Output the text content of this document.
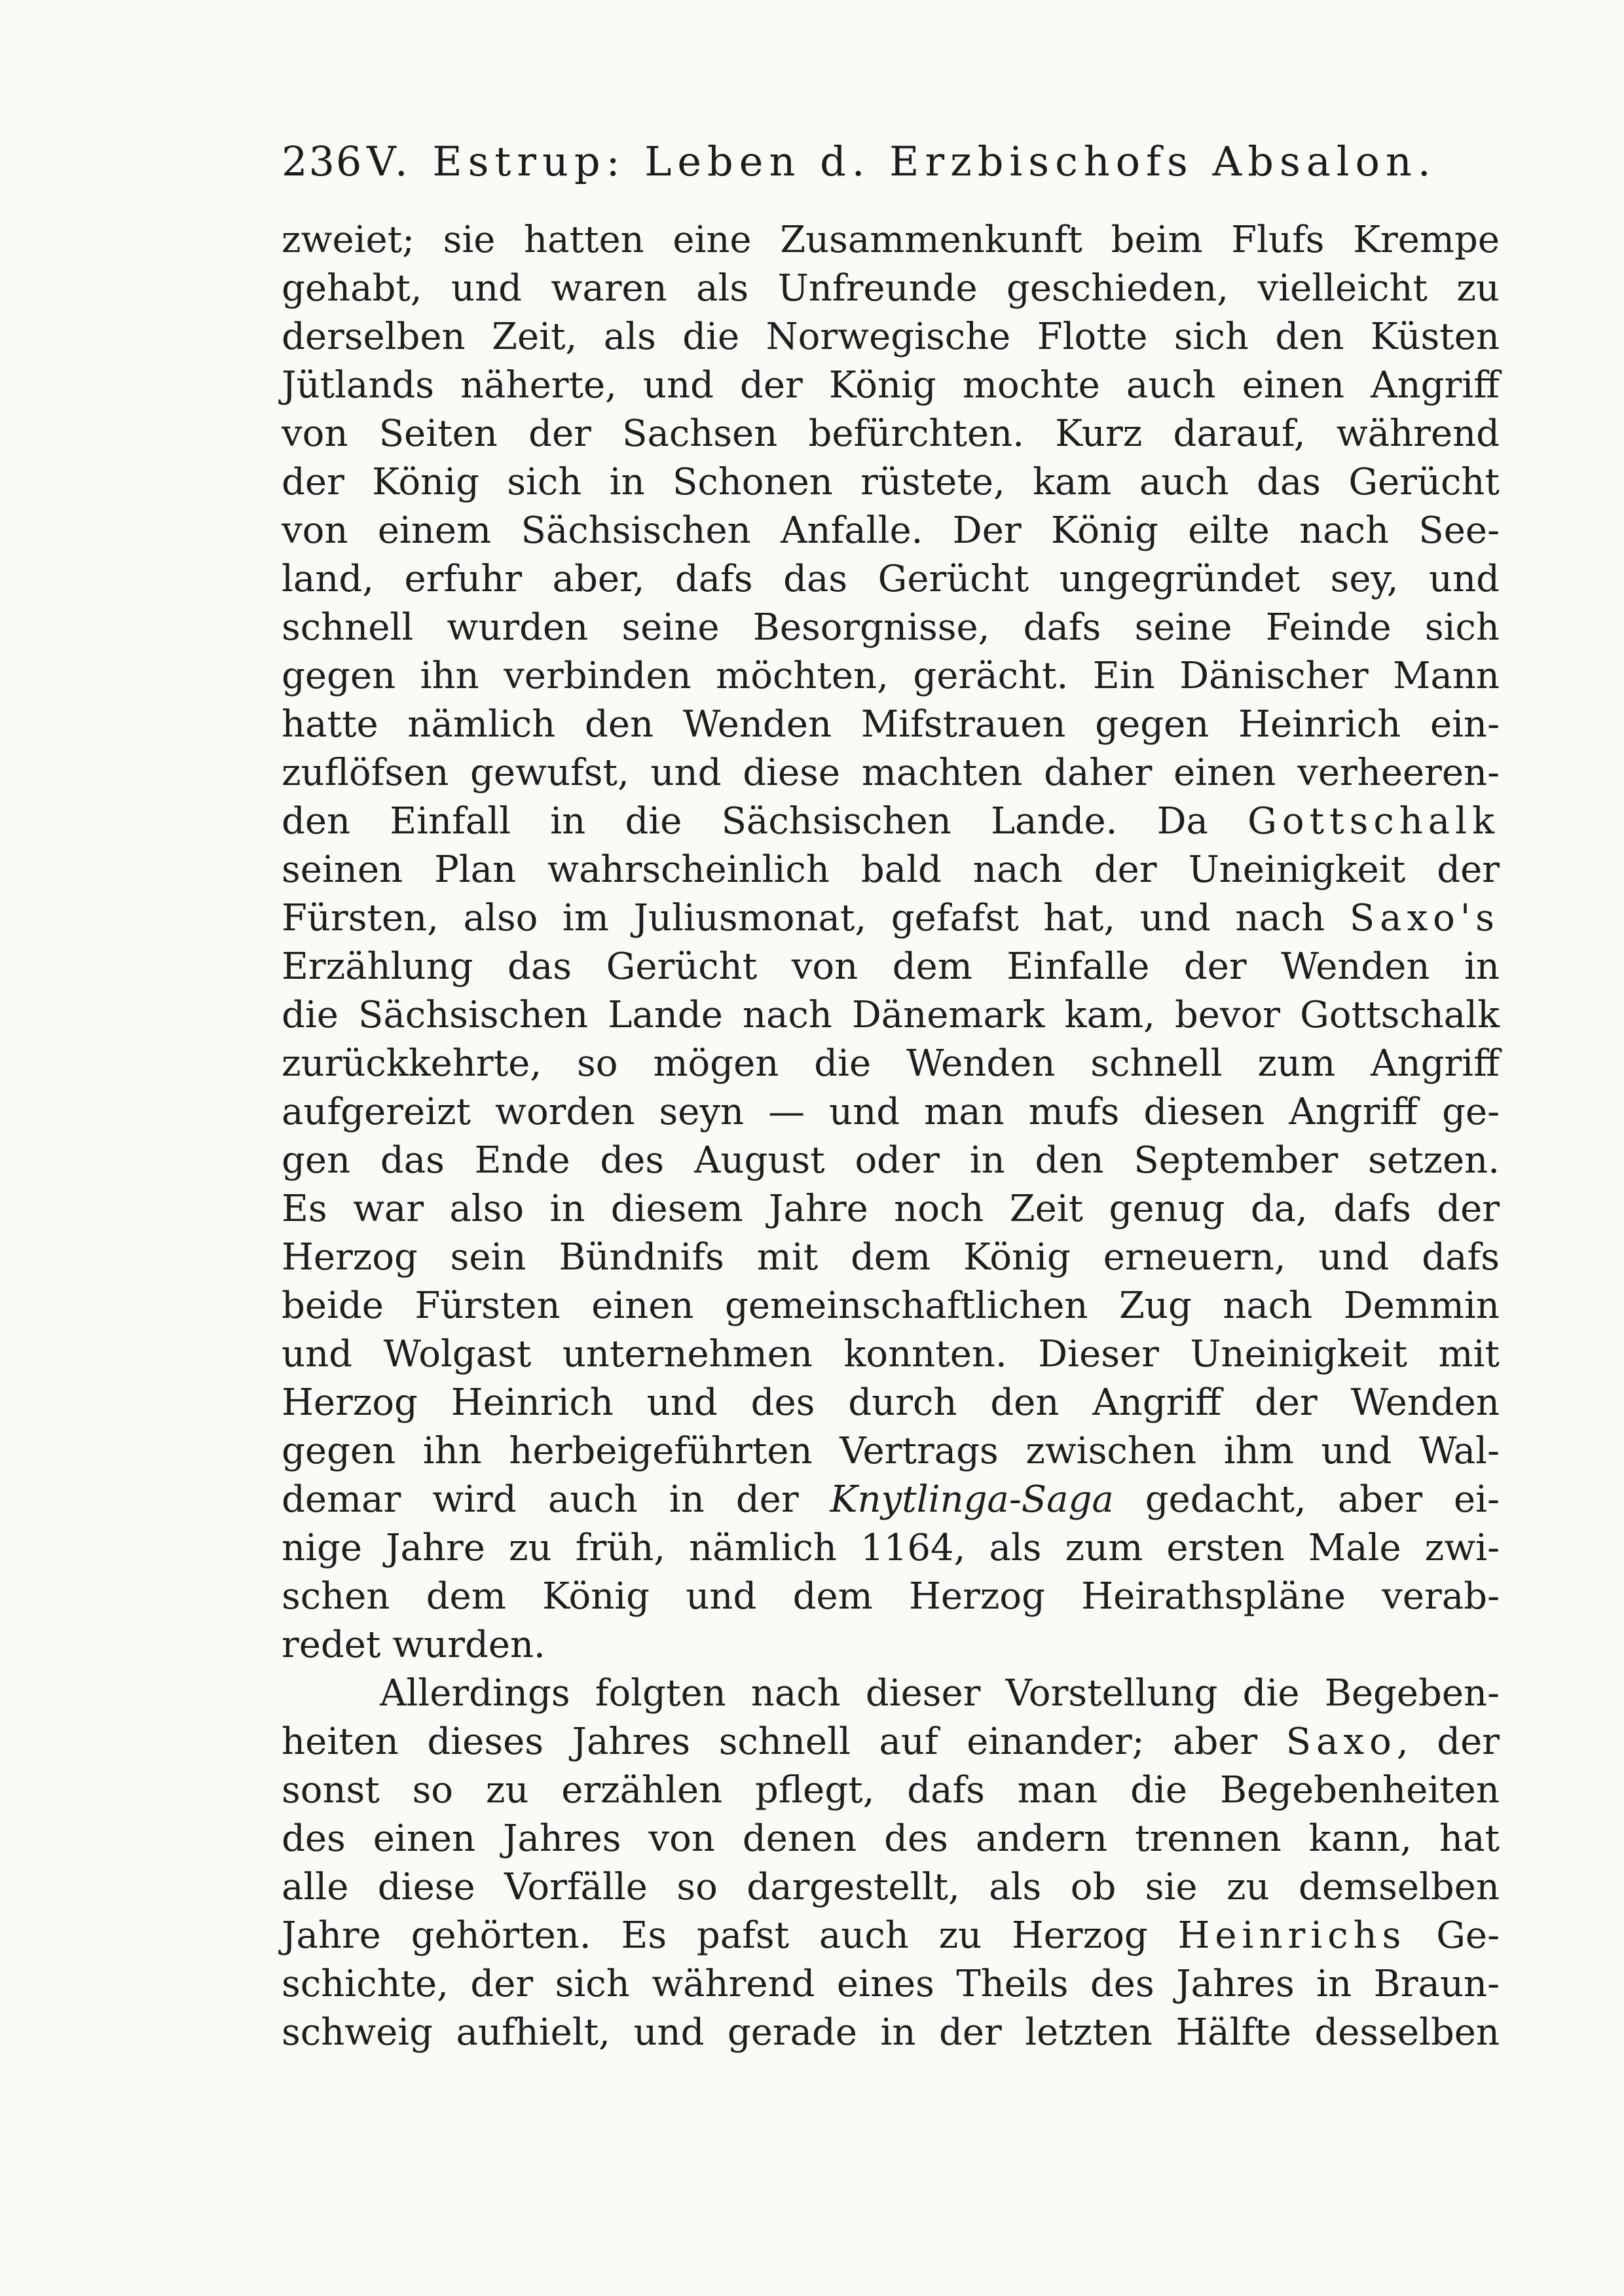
236 V. Estrup: Leben d. Erzbischofs Absalon.
zweiet; sie hatten eine Zusammenkunft beim Flufs Krempe
gehabt, und waren als Unfreunde geschieden, vielleicht zu
derselben Zeit, als die Norwegische Flotte sich den Küsten
Jütlands näherte, und der König mochte auch einen Angriff
von Seiten der Sachsen befürchten. Kurz darauf, während
der König sich in Schonen rüstete, kam auch das Gerücht
von einem Sächsischen Anfalle. Der König eilte nach See-
land, erfuhr aber, dafs das Gerücht ungegründet sey, und
schnell wurden seine Besorgnisse, dafs seine Feinde sich
gegen ihn verbinden möchten, gerächt. Ein Dänischer Mann
hatte nämlich den Wenden Mifstrauen gegen Heinrich ein-
zuflöfsen gewufst, und diese machten daher einen verheeren-
den Einfall in die Sächsischen Lande. Da Gottschalk
seinen Plan wahrscheinlich bald nach der Uneinigkeit der
Fürsten, also im Juliusmonat, gefafst hat, und nach Saxo's
Erzählung das Gerücht von dem Einfalle der Wenden in
die Sächsischen Lande nach Dänemark kam, bevor Gottschalk
zurückkehrte, so mögen die Wenden schnell zum Angriff
aufgereizt worden seyn — und man mufs diesen Angriff ge-
gen das Ende des August oder in den September setzen.
Es war also in diesem Jahre noch Zeit genug da, dafs der
Herzog sein Bündnifs mit dem König erneuern, und dafs
beide Fürsten einen gemeinschaftlichen Zug nach Demmin
und Wolgast unternehmen konnten. Dieser Uneinigkeit mit
Herzog Heinrich und des durch den Angriff der Wenden
gegen ihn herbeigeführten Vertrags zwischen ihm und Wal-
demar wird auch in der Knytlinga-Saga gedacht, aber ei-
nige Jahre zu früh, nämlich 1164, als zum ersten Male zwi-
schen dem König und dem Herzog Heirathspläne verab-
redet wurden.
Allerdings folgten nach dieser Vorstellung die Begeben-
heiten dieses Jahres schnell auf einander; aber Saxo, der
sonst so zu erzählen pflegt, dafs man die Begebenheiten
des einen Jahres von denen des andern trennen kann, hat
alle diese Vorfälle so dargestellt, als ob sie zu demselben
Jahre gehörten. Es pafst auch zu Herzog Heinrichs Ge-
schichte, der sich während eines Theils des Jahres in Braun-
schweig aufhielt, und gerade in der letzten Hälfte desselben
